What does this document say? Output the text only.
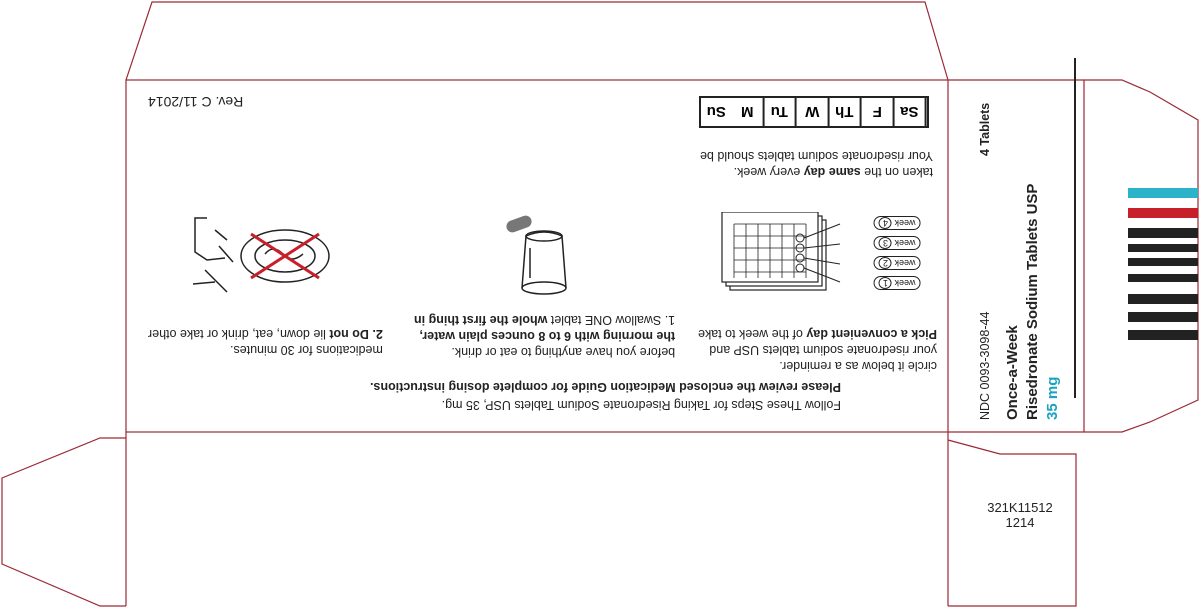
Su M	Tu	W	Th	F	Sa
Rev. C 11/2014
taken on the same day every week.
Your risedronate sodium tablets should be
week 4
week 3
week 2
week 1
Follow These Steps for Taking Risedronate Sodium Tablets USP, 35 mg.
Please review the enclosed Medication Guide for complete dosing instructions.
circle it below as a reminder.
your risedronate sodium tablets USP and
Pick a convenient day of the week to take
before you have anything to eat or drink.
the morning with 6 to 8 ounces plain water,
1. Swallow ONE tablet whole the first thing in
medications for 30 minutes.
2. Do not lie down, eat, drink or take other	NDC 0093-3098-44 Once-a-Week Risedronate Sodium Tablets USP 35 mg
4 Tablets
321K11512
1214
